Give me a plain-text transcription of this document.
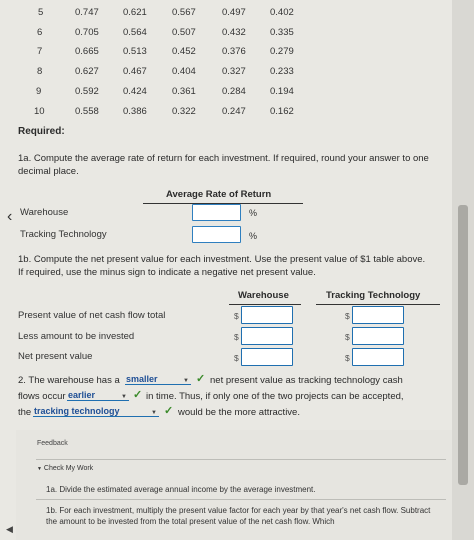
5	0.747	0.621	0.567	0.497	0.402
6	0.705	0.564	0.507	0.432	0.335
7	0.665	0.513	0.452	0.376	0.279
8	0.627	0.467	0.404	0.327	0.233
9	0.592	0.424	0.361	0.284	0.194
10	0.558	0.386	0.322	0.247	0.162
Required:
1a. Compute the average rate of return for each investment. If required, round your answer to one decimal place.
Average Rate of Return
‹ Warehouse	%
Tracking Technology	%
1b. Compute the net present value for each investment. Use the present value of $1 table above. If required, use the minus sign to indicate a negative net present value.
Warehouse	Tracking Technology
Present value of net cash flow total	$	$
Less amount to be invested	$	$
Net present value	$	$
2. The warehouse has a smaller	▼ ✓ net present value as tracking technology cash
flows occur earlier	▼ ✓ in time. Thus, if only one of the two projects can be accepted,
the tracking technology	▼ ✓ would be the more attractive.
Feedback
▼ Check My Work
1a. Divide the estimated average annual income by the average investment.
1b. For each investment, multiply the present value factor for each year by that year's net cash flow. Subtract the amount to be invested from the total present value of the net cash flow. Which
◀
